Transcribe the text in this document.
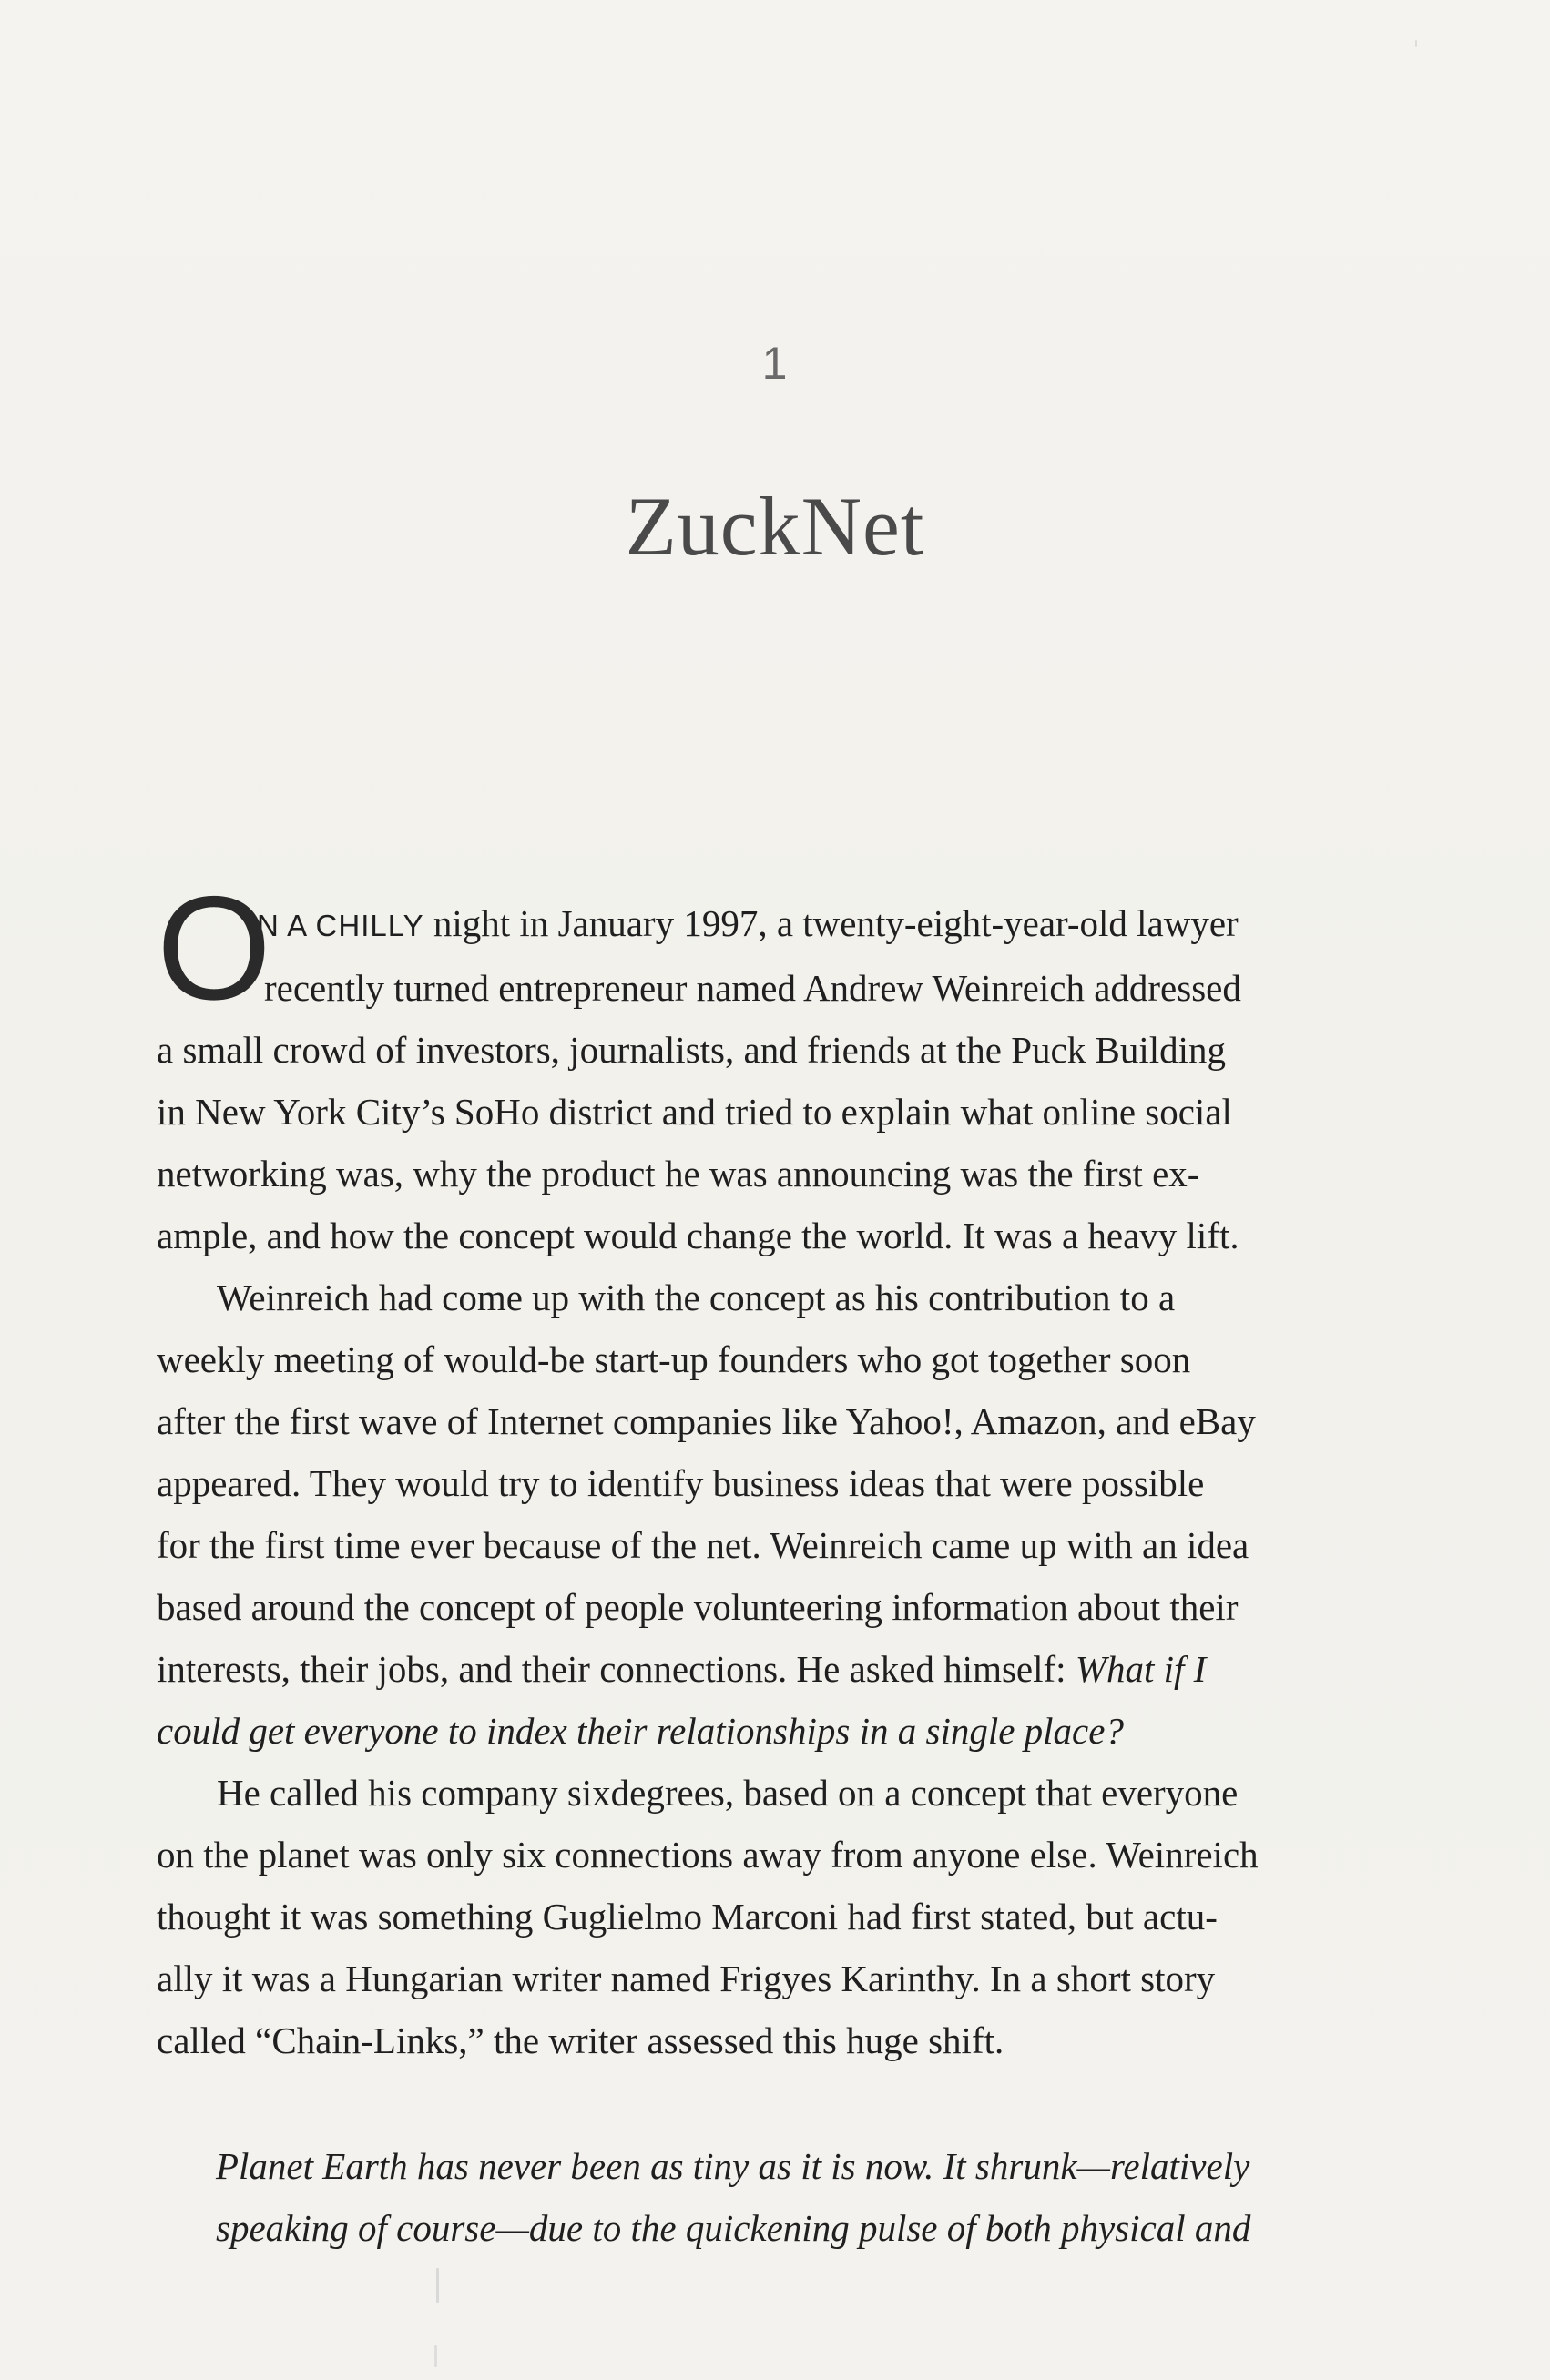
1
ZuckNet
O
N A CHILLY night in January 1997, a twenty-eight-year-old lawyer
recently turned entrepreneur named Andrew Weinreich addressed
a small crowd of investors, journalists, and friends at the Puck Building
in New York City’s SoHo district and tried to explain what online social
networking was, why the product he was announcing was the first ex-
ample, and how the concept would change the world. It was a heavy lift.
Weinreich had come up with the concept as his contribution to a
weekly meeting of would-be start-up founders who got together soon
after the first wave of Internet companies like Yahoo!, Amazon, and eBay
appeared. They would try to identify business ideas that were possible
for the first time ever because of the net. Weinreich came up with an idea
based around the concept of people volunteering information about their
interests, their jobs, and their connections. He asked himself: What if I
could get everyone to index their relationships in a single place?
He called his company sixdegrees, based on a concept that everyone
on the planet was only six connections away from anyone else. Weinreich
thought it was something Guglielmo Marconi had first stated, but actu-
ally it was a Hungarian writer named Frigyes Karinthy. In a short story
called “Chain-Links,” the writer assessed this huge shift.
Planet Earth has never been as tiny as it is now. It shrunk—relatively
speaking of course—due to the quickening pulse of both physical and
